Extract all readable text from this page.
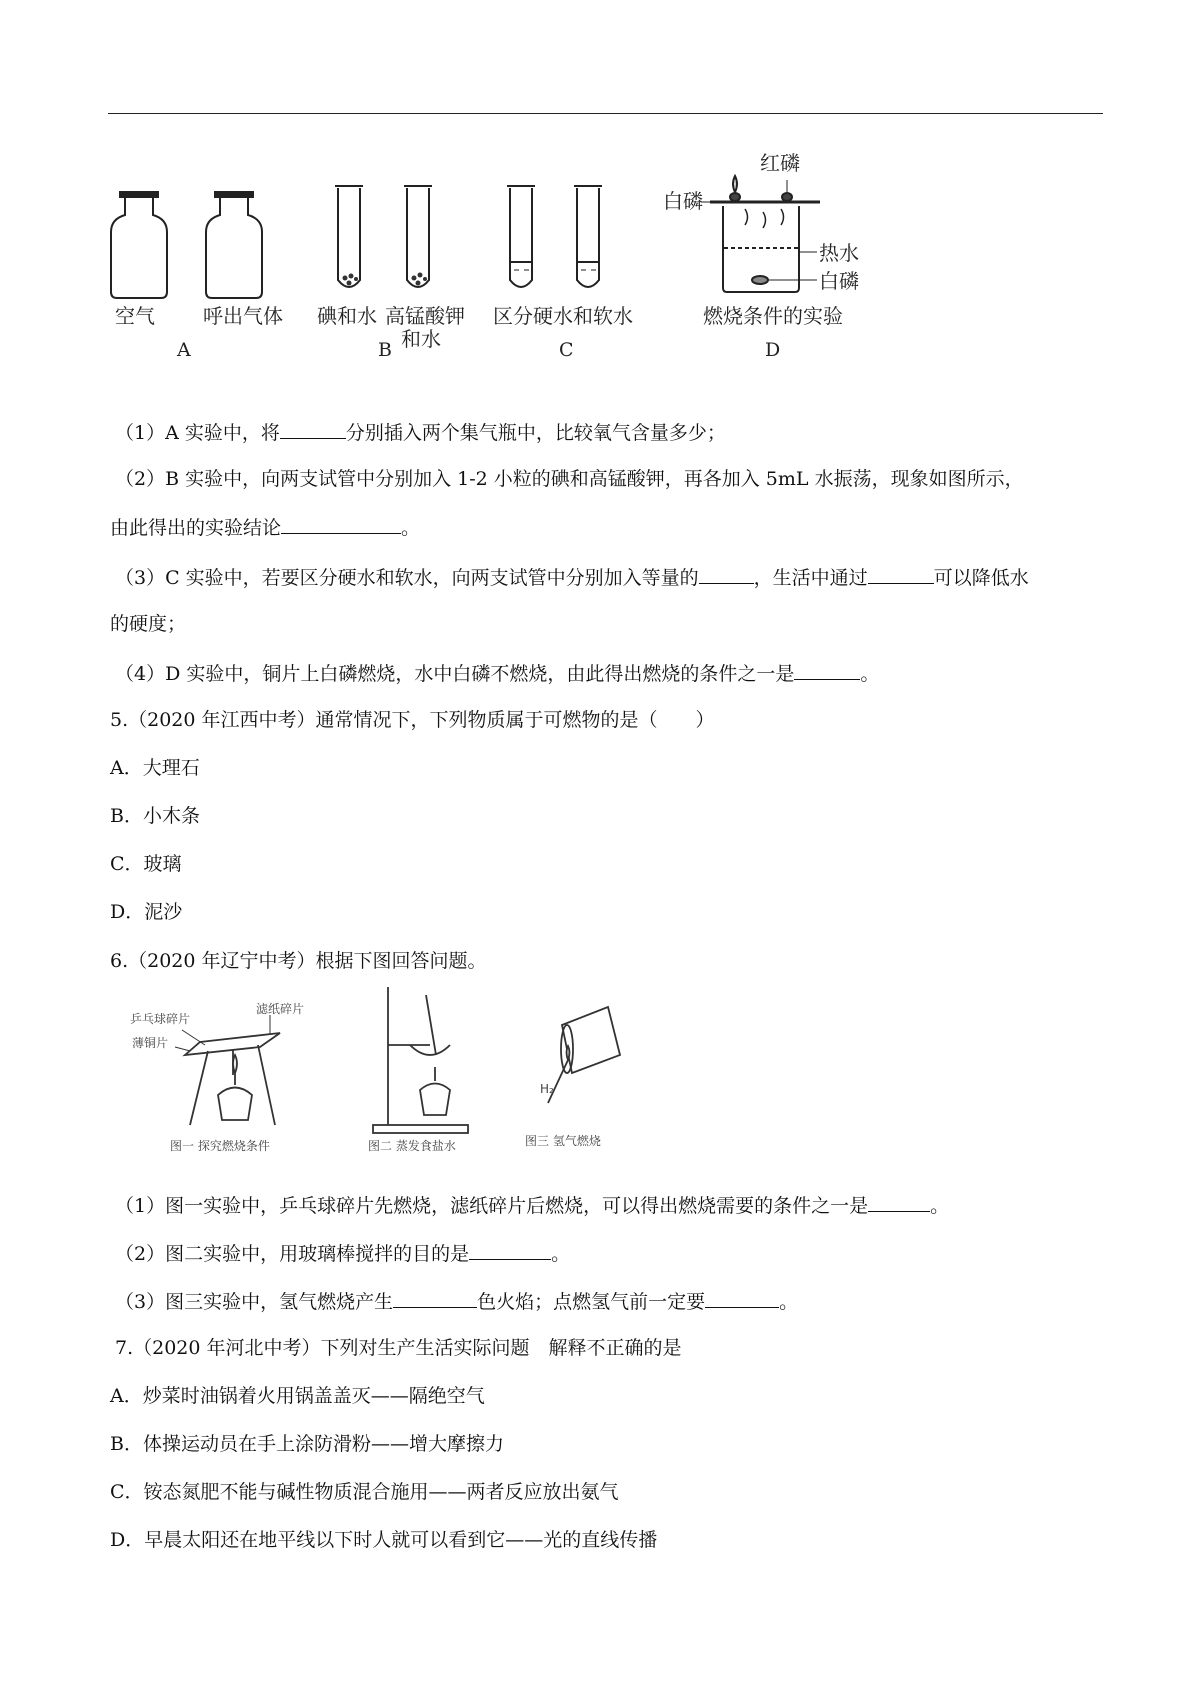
空气 呼出气体 碘和水 高锰酸钾
和水
区分硬水和软水
红磷
白磷
热水
白磷
燃烧条件的实验
A	B	C	D
（1）A 实验中，将	分别插入两个集气瓶中，比较氧气含量多少；
（2）B 实验中，向两支试管中分别加入 1-2 小粒的碘和高锰酸钾，再各加入 5mL 水振荡，现象如图所示，
由此得出的实验结论	。
（3）C 实验中，若要区分硬水和软水，向两支试管中分别加入等量的	，生活中通过	可以降低水
的硬度；
（4）D 实验中，铜片上白磷燃烧，水中白磷不燃烧，由此得出燃烧的条件之一是	。
5.（2020 年江西中考）通常情况下，下列物质属于可燃物的是（　　）
A．大理石
B．小木条
C．玻璃
D．泥沙
6.（2020 年辽宁中考）根据下图回答问题。
乒乓球碎片
滤纸碎片
薄铜片
图一 探究燃烧条件	图二 蒸发食盐水
H₂
图三 氢气燃烧
（1）图一实验中，乒乓球碎片先燃烧，滤纸碎片后燃烧，可以得出燃烧需要的条件之一是	。
（2）图二实验中，用玻璃棒搅拌的目的是	。
（3）图三实验中，氢气燃烧产生	色火焰；点燃氢气前一定要	。
7.（2020 年河北中考）下列对生产生活实际问题　解释不正确的是
A．炒菜时油锅着火用锅盖盖灭——隔绝空气
B．体操运动员在手上涂防滑粉——增大摩擦力
C．铵态氮肥不能与碱性物质混合施用——两者反应放出氨气
D．早晨太阳还在地平线以下时人就可以看到它——光的直线传播
